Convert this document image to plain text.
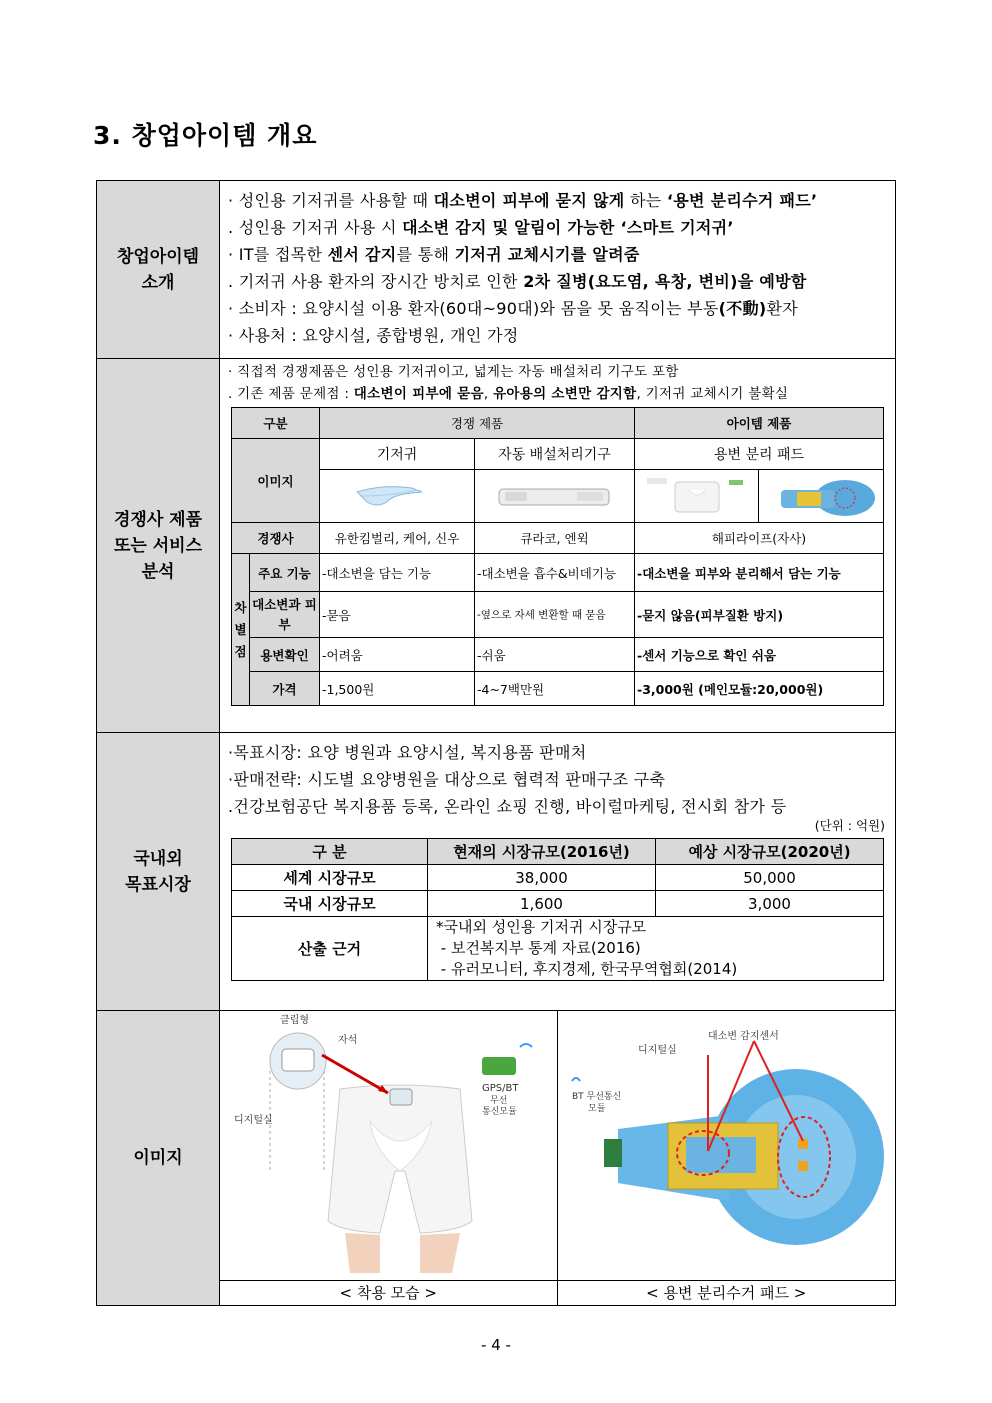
3. 창업아이템 개요
창업아이템
소개

· 성인용 기저귀를 사용할 때 대소변이 피부에 묻지 않게 하는 ‘용변 분리수거 패드’
. 성인용 기저귀 사용 시 대소변 감지 및 알림이 가능한 ‘스마트 기저귀’
· IT를 접목한 센서 감지를 통해 기저귀 교체시기를 알려줌
. 기저귀 사용 환자의 장시간 방치로 인한 2차 질병(요도염, 욕창, 변비)을 예방함
· 소비자 : 요양시설 이용 환자(60대~90대)와 몸을 못 움직이는 부동(不動)환자
· 사용처 : 요양시설, 종합병원, 개인 가정

경쟁사 제품
또는 서비스
분석

· 직접적 경쟁제품은 성인용 기저귀이고, 넓게는 자동 배설처리 기구도 포함
. 기존 제품 문제점 : 대소변이 피부에 묻음, 유아용의 소변만 감지함, 기저귀 교체시기 불확실
구분	경쟁 제품	아이템 제품
이미지	기저귀	자동 배설처리기구	용변 분리 패드

경쟁사	유한킴벌리, 케어, 신우	큐라코, 엔윅	해피라이프(자사)

차
별
점
	주요 기능	-대소변을 담는 기능	-대소변을 흡수&비데기능	-대소변을 피부와 분리해서 담는 기능
대소변과 피부	-묻음	-옆으로 자세 변환할 때 묻음	-묻지 않음(피부질환 방지)
용변확인	-어려움	-쉬움	-센서 기능으로 확인 쉬움
가격	-1,500원	-4~7백만원	-3,000원 (메인모듈:20,000원)

국내외
목표시장

·목표시장: 요양 병원과 요양시설, 복지용품 판매처
·판매전략: 시도별 요양병원을 대상으로 협력적 판매구조 구축
.건강보험공단 복지용품 등록, 온라인 쇼핑 진행, 바이럴마케팅, 전시회 참가 등
(단위 : 억원)
구 분	현재의 시장규모(2016년)	예상 시장규모(2020년)
세계 시장규모	38,000	50,000
국내 시장규모	1,600	3,000
산출 근거	
*국내외 성인용 기저귀 시장규모
- 보건복지부 통계 자료(2016)
- 유러모니터, 후지경제, 한국무역협회(2014)

이미지	
클립형
자석
디지털실
GPS/BT
무선
통신모듈

대소변 감지센서
디지털실
BT 무선통신
모듈

< 착용 모습 >	< 용변 분리수거 패드 >
- 4 -
